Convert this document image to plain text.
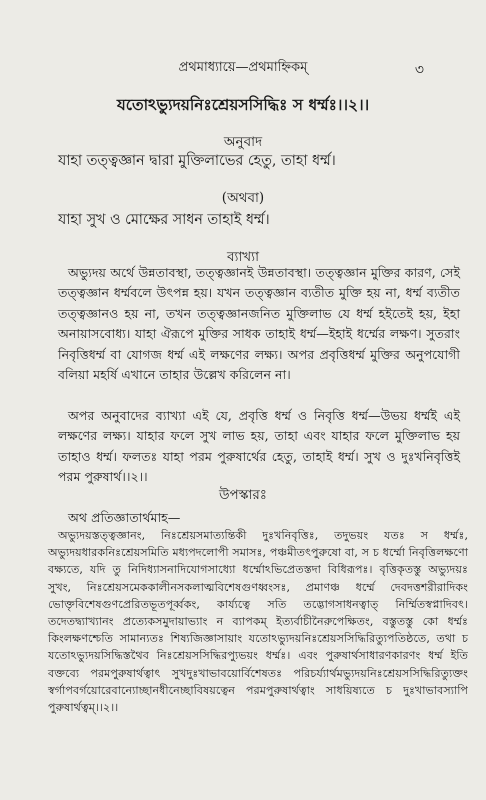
প্রথমাধ্যায়ে—প্রথমাহ্নিকম্	৩
যতোঽভ্যুদয়নিঃশ্রেয়সসিদ্ধিঃ স ধর্ম্মঃ।।২।।
অনুবাদ
যাহা তত্ত্বজ্ঞান দ্বারা মুক্তিলাভের হেতু, তাহা ধর্ম্ম।
(অথবা)
যাহা সুখ ও মোক্ষের সাধন তাহাই ধর্ম্ম।
ব্যাখ্যা

অভ্যুদয় অর্থে উন্নতাবস্থা, তত্ত্বজ্ঞানই উন্নতাবস্থা। তত্ত্বজ্ঞান মুক্তির কারণ, সেই তত্ত্বজ্ঞান ধর্ম্মবলে উৎপন্ন হয়। যখন তত্ত্বজ্ঞান ব্যতীত মুক্তি হয় না, ধর্ম্ম ব্যতীত তত্ত্বজ্ঞানও হয় না, তখন তত্ত্বজ্ঞানজনিত মুক্তিলাভ যে ধর্ম্ম হইতেই হয়, ইহা অনায়াসবোধ্য। যাহা ঐরূপে মুক্তির সাধক তাহাই ধর্ম্ম—ইহাই ধর্ম্মের লক্ষণ। সুতরাং নিবৃত্তিধর্ম্ম বা যোগজ ধর্ম্ম এই লক্ষণের লক্ষ্য। অপর প্রবৃত্তিধর্ম্ম মুক্তির অনুপযোগী বলিয়া মহর্ষি এখানে তাহার উল্লেখ করিলেন না।

অপর অনুবাদের ব্যাখ্যা এই যে, প্রবৃত্তি ধর্ম্ম ও নিবৃত্তি ধর্ম্ম—উভয় ধর্ম্মই এই লক্ষণের লক্ষ্য। যাহার ফলে সুখ লাভ হয়, তাহা এবং যাহার ফলে মুক্তিলাভ হয় তাহাও ধর্ম্ম। ফলতঃ যাহা পরম পুরুষার্থের হেতু, তাহাই ধর্ম্ম। সুখ ও দুঃখনিবৃত্তিই পরম পুরুষার্থ।।২।।

উপস্কারঃ
অথ প্রতিজ্ঞাতার্থমাহ—

অভ্যুদয়স্তত্ত্বজ্ঞানং, নিঃশ্রেয়সমাত্যন্তিকী দুঃখনিবৃত্তিঃ, তদুভয়ং যতঃ স ধর্ম্মঃ, অভ্যুদয়ধারকনিঃশ্রেয়সমিতি মধ্যপদলোপী সমাসঃ, পঞ্চমীতৎপুরুষো বা, স চ ধর্ম্মো নিবৃত্তিলক্ষণো বক্ষ্যতে, যদি তু নিদিধ্যাসনাদিযোগসাধ্যো ধর্ম্মোঽভিপ্রেতস্তদা বিধিরূপঃ। বৃত্তিকৃতস্তু অভ্যুদয়ঃ সুখং, নিঃশ্রেয়সমেককালীনসকলাত্মবিশেষগুণধ্বংসঃ, প্রমাণঞ্চ ধর্ম্মে দেবদত্তশরীরাদিকং ভোক্তৃবিশেষগুণপ্রেরিতভূতপূর্ব্বকং, কার্য্যত্বে সতি তদ্ভোগসাধনত্বাত্ নির্ম্মিতস্বপ্নাদিবৎ। তদেতদ্ব্যাখ্যানং প্রত্যেকসমুদায়াভ্যাং ন ব্যাপকম্ ইত্যর্বাচীনৈরুপেক্ষিতং, বস্তুতস্তু কো ধর্ম্মঃ কিংলক্ষণশ্চেতি সামান্যতঃ শিষ্যজিজ্ঞাসায়াং যতোঽভ্যুদয়নিঃশ্রেয়সসিদ্ধিরিত্যুপতিষ্ঠতে, তথা চ যতোঽভ্যুদয়সিদ্ধিস্তথৈব নিঃশ্রেয়সসিদ্ধিরপ্যুভয়ং ধর্ম্মঃ। এবং পুরুষার্থসাধারণকারণং ধর্ম্ম ইতি বক্তব্যে পরমপুরুষার্থত্বাৎ সুখদুঃখাভাবয়োর্বিশেষতঃ পরিচর্য্যার্থমভ্যুদয়নিঃশ্রেয়সসিদ্ধিরিত্যুক্তং স্বর্গাপবর্গয়োরেবান্যোচ্ছানধীনেচ্ছাবিষয়ত্বেন পরমপুরুষার্থত্বাং সাধয়িষ্যতে চ দুঃখাভাবস্যাপি পুরুষার্থত্বম্।।২।।
